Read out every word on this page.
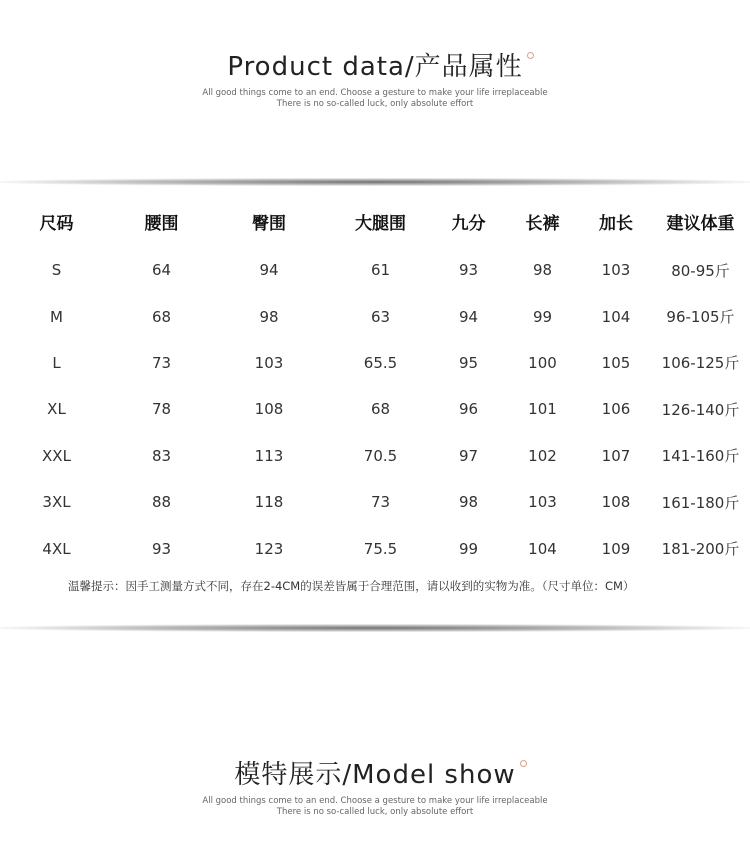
Product data/产品属性
All good things come to an end. Choose a gesture to make your life irreplaceable
There is no so-called luck, only absolute effort
尺码	腰围	臀围	大腿围	九分	长裤	加长	建议体重
S	64	94	61	93	98	103	80-95斤
M	68	98	63	94	99	104	96-105斤
L	73	103	65.5	95	100	105	106-125斤
XL	78	108	68	96	101	106	126-140斤
XXL	83	113	70.5	97	102	107	141-160斤
3XL	88	118	73	98	103	108	161-180斤
4XL	93	123	75.5	99	104	109	181-200斤
温馨提示：因手工测量方式不同，存在2-4CM的误差皆属于合理范围，请以收到的实物为准。（尺寸单位：CM）
模特展示/Model show
All good things come to an end. Choose a gesture to make your life irreplaceable
There is no so-called luck, only absolute effort
